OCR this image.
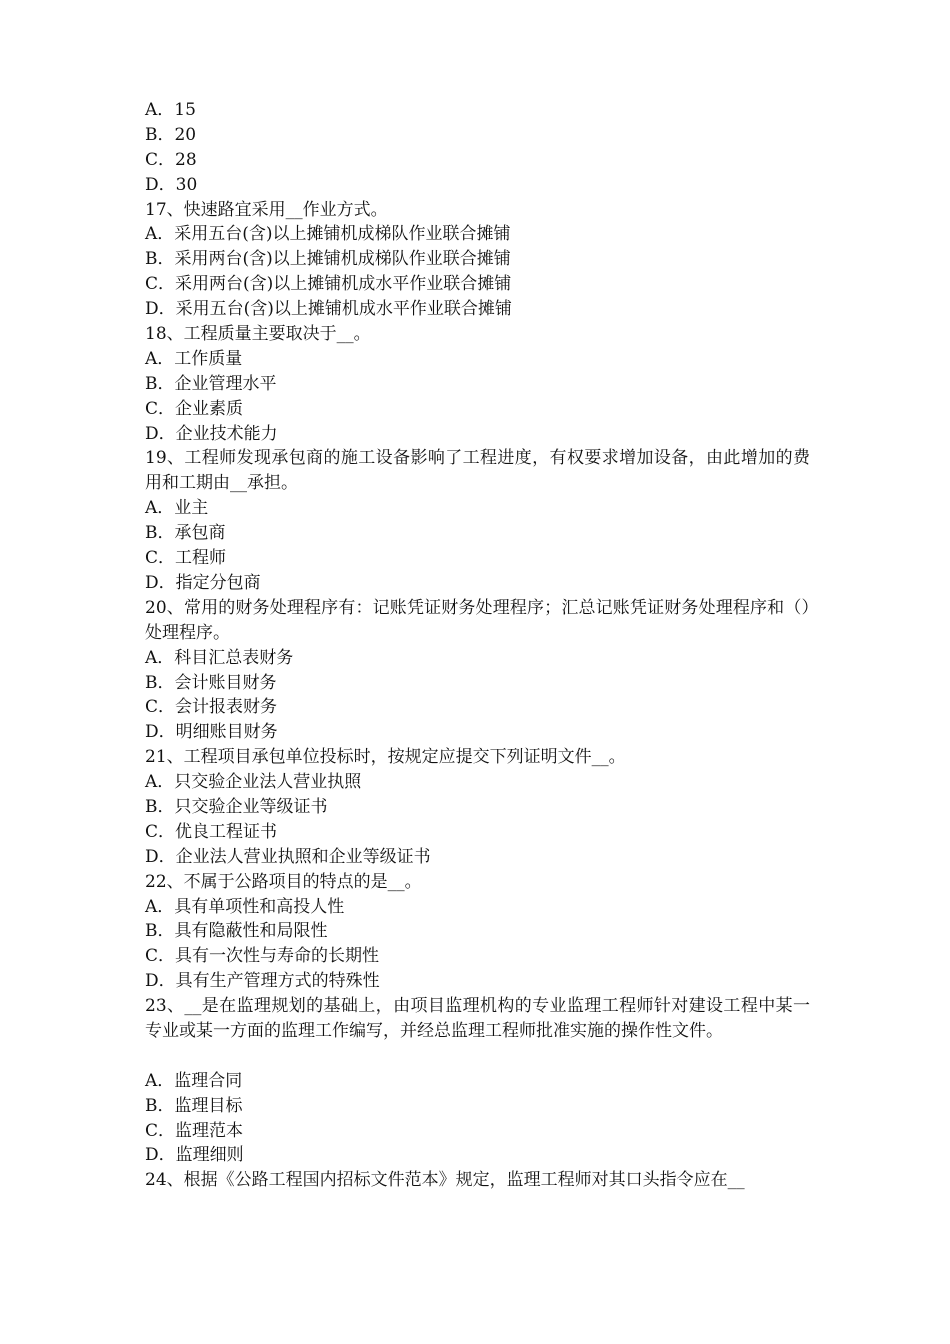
A．15
B．20
C．28
D．30
17、快速路宜采用__作业方式。
A．采用五台(含)以上摊铺机成梯队作业联合摊铺
B．采用两台(含)以上摊铺机成梯队作业联合摊铺
C．采用两台(含)以上摊铺机成水平作业联合摊铺
D．采用五台(含)以上摊铺机成水平作业联合摊铺
18、工程质量主要取决于__。
A．工作质量
B．企业管理水平
C．企业素质
D．企业技术能力
19、工程师发现承包商的施工设备影响了工程进度，有权要求增加设备，由此增加的费用和工期由__承担。
A．业主
B．承包商
C．工程师
D．指定分包商
20、常用的财务处理程序有：记账凭证财务处理程序；汇总记账凭证财务处理程序和（）处理程序。
A．科目汇总表财务
B．会计账目财务
C．会计报表财务
D．明细账目财务
21、工程项目承包单位投标时，按规定应提交下列证明文件__。
A．只交验企业法人营业执照
B．只交验企业等级证书
C．优良工程证书
D．企业法人营业执照和企业等级证书
22、不属于公路项目的特点的是__。
A．具有单项性和高投人性
B．具有隐蔽性和局限性
C．具有一次性与寿命的长期性
D．具有生产管理方式的特殊性
23、__是在监理规划的基础上，由项目监理机构的专业监理工程师针对建设工程中某一专业或某一方面的监理工作编写，并经总监理工程师批准实施的操作性文件。
A．监理合同
B．监理目标
C．监理范本
D．监理细则
24、根据《公路工程国内招标文件范本》规定，监理工程师对其口头指令应在__
